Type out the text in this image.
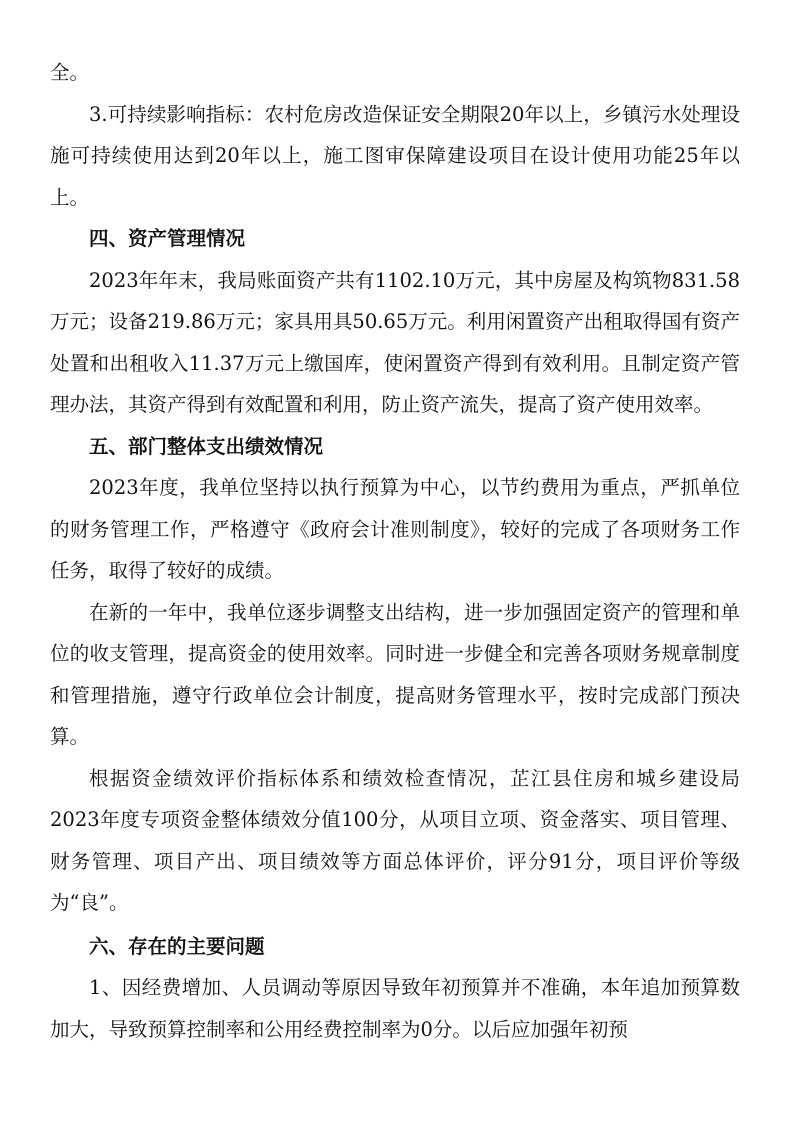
全。

3.可持续影响指标：农村危房改造保证安全期限20年以上，乡镇污水处理设施可持续使用达到20年以上，施工图审保障建设项目在设计使用功能25年以上。

四、资产管理情况

2023年年末，我局账面资产共有1102.10万元，其中房屋及构筑物831.58万元；设备219.86万元；家具用具50.65万元。利用闲置资产出租取得国有资产处置和出租收入11.37万元上缴国库，使闲置资产得到有效利用。且制定资产管理办法，其资产得到有效配置和利用，防止资产流失，提高了资产使用效率。

五、部门整体支出绩效情况

2023年度，我单位坚持以执行预算为中心，以节约费用为重点，严抓单位的财务管理工作，严格遵守《政府会计准则制度》，较好的完成了各项财务工作任务，取得了较好的成绩。

在新的一年中，我单位逐步调整支出结构，进一步加强固定资产的管理和单位的收支管理，提高资金的使用效率。同时进一步健全和完善各项财务规章制度和管理措施，遵守行政单位会计制度，提高财务管理水平，按时完成部门预决算。

根据资金绩效评价指标体系和绩效检查情况，芷江县住房和城乡建设局2023年度专项资金整体绩效分值100分，从项目立项、资金落实、项目管理、财务管理、项目产出、项目绩效等方面总体评价，评分91分，项目评价等级为“良”。

六、存在的主要问题

1、因经费增加、人员调动等原因导致年初预算并不准确，本年追加预算数加大，导致预算控制率和公用经费控制率为0分。以后应加强年初预
